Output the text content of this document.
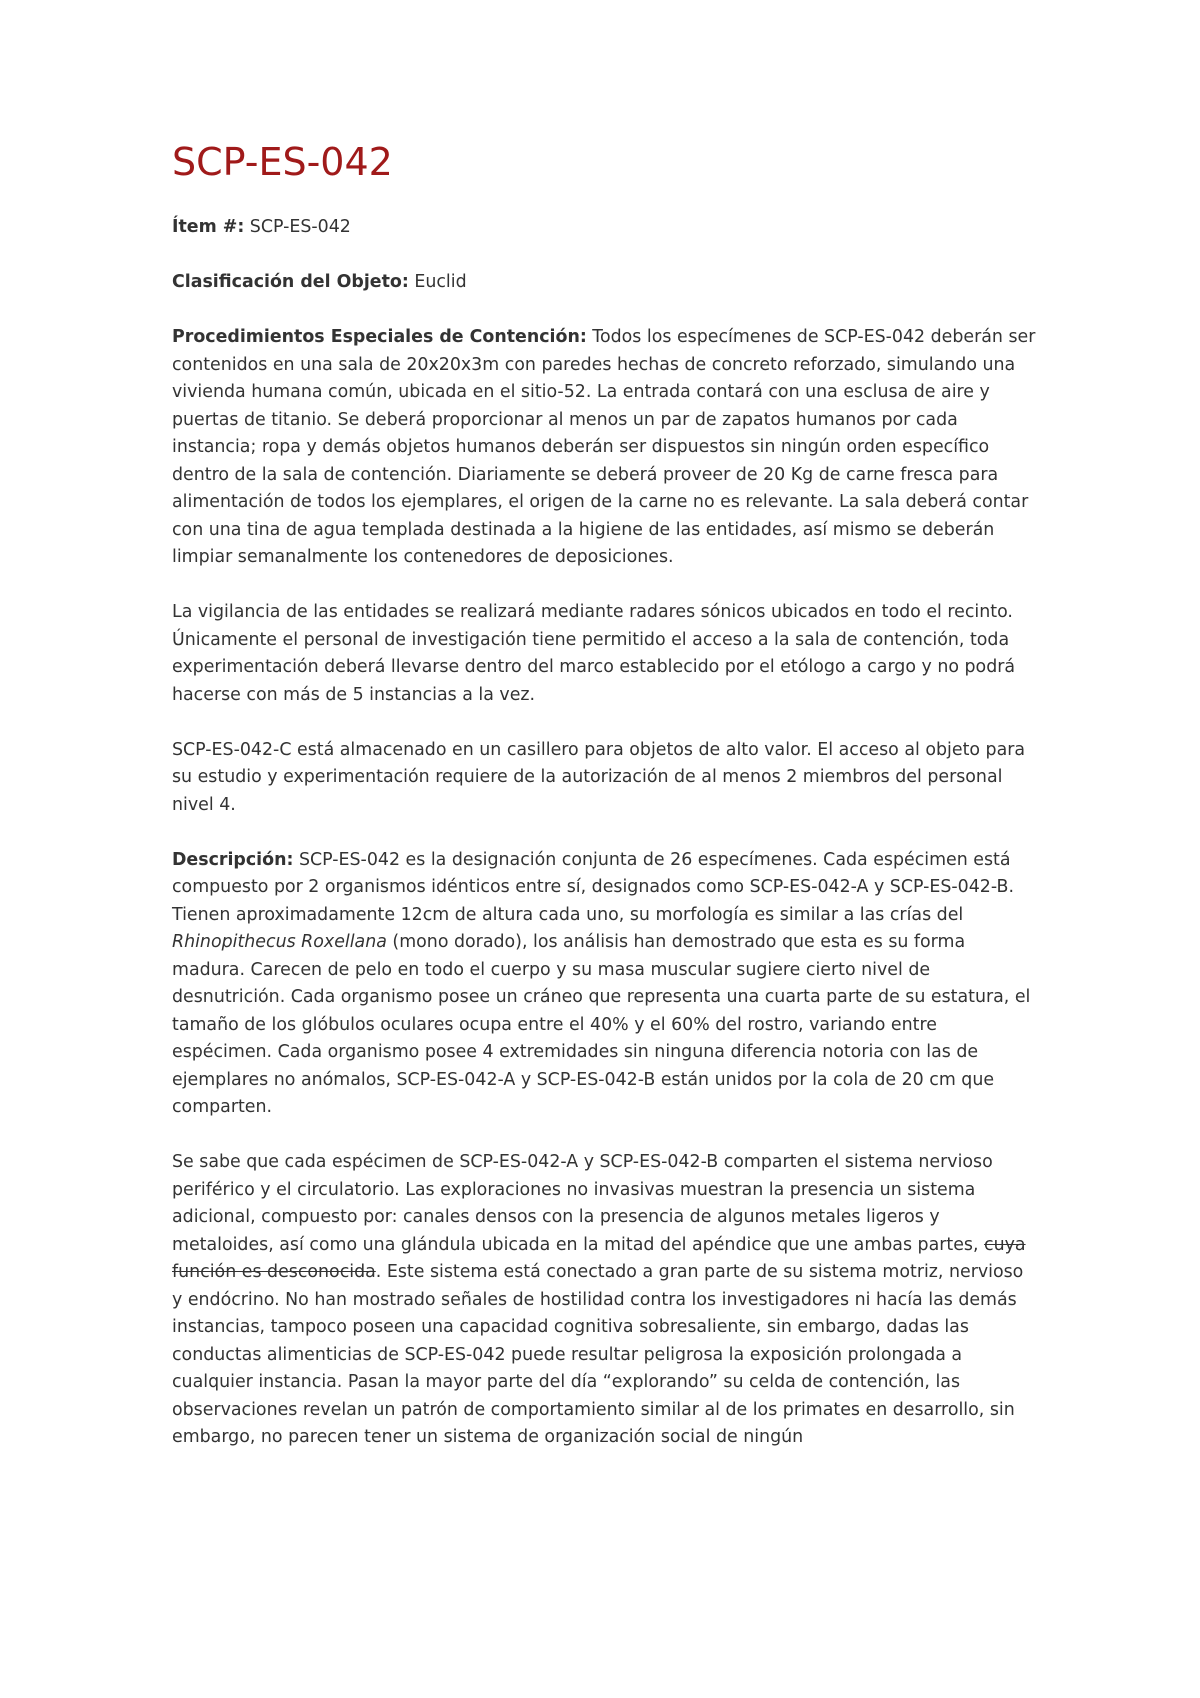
SCP-ES-042

Ítem #: SCP-ES-042

Clasificación del Objeto: Euclid

Procedimientos Especiales de Contención: Todos los especímenes de SCP-ES-042 deberán ser contenidos en una sala de 20x20x3m con paredes hechas de concreto reforzado, simulando una vivienda humana común, ubicada en el sitio-52. La entrada contará con una esclusa de aire y puertas de titanio. Se deberá proporcionar al menos un par de zapatos humanos por cada instancia; ropa y demás objetos humanos deberán ser dispuestos sin ningún orden específico dentro de la sala de contención. Diariamente se deberá proveer de 20 Kg de carne fresca para alimentación de todos los ejemplares, el origen de la carne no es relevante. La sala deberá contar con una tina de agua templada destinada a la higiene de las entidades, así mismo se deberán limpiar semanalmente los contenedores de deposiciones.

La vigilancia de las entidades se realizará mediante radares sónicos ubicados en todo el recinto. Únicamente el personal de investigación tiene permitido el acceso a la sala de contención, toda experimentación deberá llevarse dentro del marco establecido por el etólogo a cargo y no podrá hacerse con más de 5 instancias a la vez.

SCP-ES-042-C está almacenado en un casillero para objetos de alto valor. El acceso al objeto para su estudio y experimentación requiere de la autorización de al menos 2 miembros del personal nivel 4.

Descripción: SCP-ES-042 es la designación conjunta de 26 especímenes. Cada espécimen está compuesto por 2 organismos idénticos entre sí, designados como SCP-ES-042-A y SCP-ES-042-B. Tienen aproximadamente 12cm de altura cada uno, su morfología es similar a las crías del Rhinopithecus Roxellana (mono dorado), los análisis han demostrado que esta es su forma madura. Carecen de pelo en todo el cuerpo y su masa muscular sugiere cierto nivel de desnutrición. Cada organismo posee un cráneo que representa una cuarta parte de su estatura, el tamaño de los glóbulos oculares ocupa entre el 40% y el 60% del rostro, variando entre espécimen. Cada organismo posee 4 extremidades sin ninguna diferencia notoria con las de ejemplares no anómalos, SCP-ES-042-A y SCP-ES-042-B están unidos por la cola de 20 cm que comparten.

Se sabe que cada espécimen de SCP-ES-042-A y SCP-ES-042-B comparten el sistema nervioso periférico y el circulatorio. Las exploraciones no invasivas muestran la presencia un sistema adicional, compuesto por: canales densos con la presencia de algunos metales ligeros y metaloides, así como una glándula ubicada en la mitad del apéndice que une ambas partes, cuya función es desconocida. Este sistema está conectado a gran parte de su sistema motriz, nervioso y endócrino. No han mostrado señales de hostilidad contra los investigadores ni hacía las demás instancias, tampoco poseen una capacidad cognitiva sobresaliente, sin embargo, dadas las conductas alimenticias de SCP-ES-042 puede resultar peligrosa la exposición prolongada a cualquier instancia. Pasan la mayor parte del día “explorando” su celda de contención, las observaciones revelan un patrón de comportamiento similar al de los primates en desarrollo, sin embargo, no parecen tener un sistema de organización social de ningún
